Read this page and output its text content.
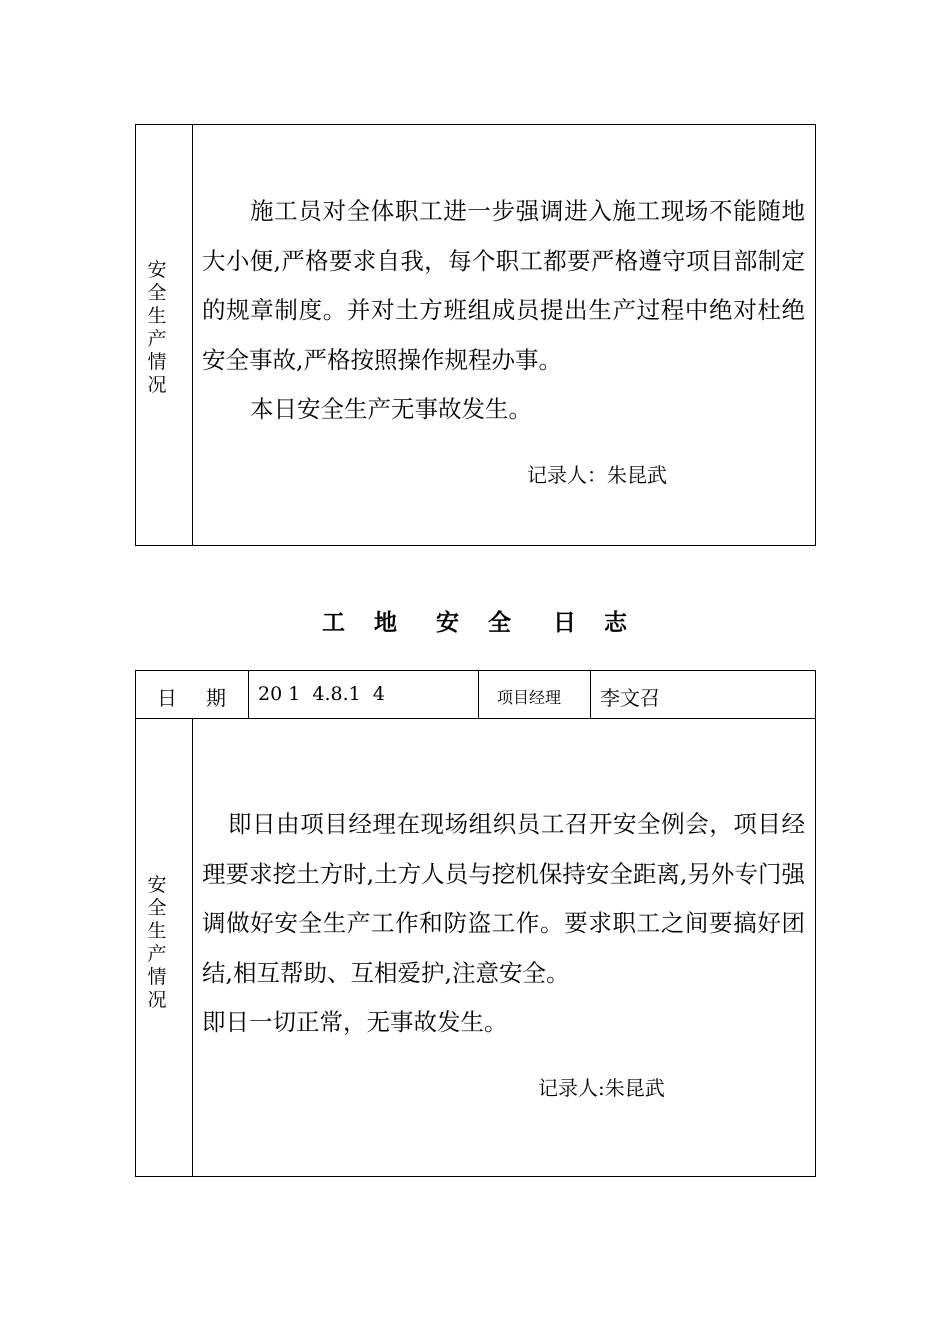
安
全
生
产
情
况

施工员对全体职工进一步强调进入施工现场不能随地大小便,严格要求自我，每个职工都要严格遵守项目部制定的规章制度。并对土方班组成员提出生产过程中绝对杜绝安全事故,严格按照操作规程办事。

本日安全生产无事故发生。

记录人：朱昆武
工 地 安 全 日 志
日 期 20 1  4.8.1  4	项目经理 李文召
安
全
生
产
情
况

即日由项目经理在现场组织员工召开安全例会，项目经理要求挖土方时,土方人员与挖机保持安全距离,另外专门强调做好安全生产工作和防盗工作。要求职工之间要搞好团结,相互帮助、互相爱护,注意安全。

即日一切正常，无事故发生。

记录人:朱昆武
